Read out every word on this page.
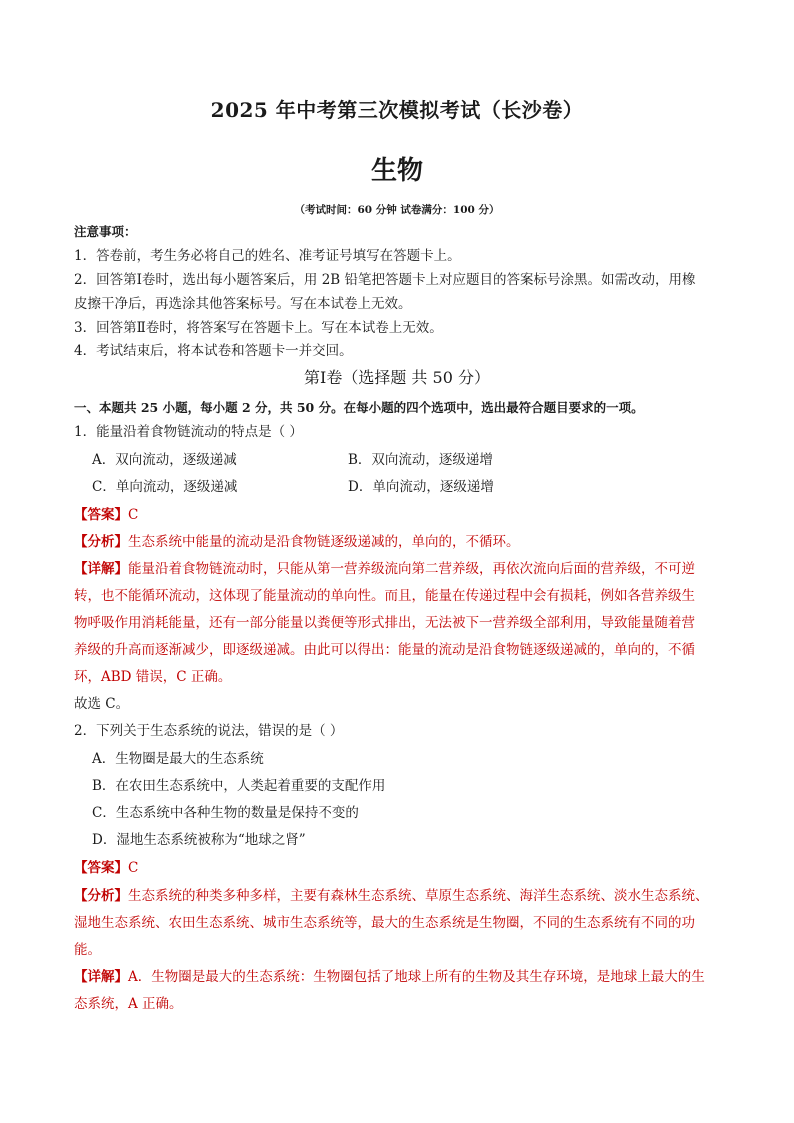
2025 年中考第三次模拟考试（长沙卷）
生物
（考试时间：60 分钟 试卷满分：100 分）
注意事项：
1．答卷前，考生务必将自己的姓名、准考证号填写在答题卡上。
2．回答第Ⅰ卷时，选出每小题答案后，用 2B 铅笔把答题卡上对应题目的答案标号涂黑。如需改动，用橡
皮擦干净后，再选涂其他答案标号。写在本试卷上无效。
3．回答第Ⅱ卷时，将答案写在答题卡上。写在本试卷上无效。
4．考试结束后，将本试卷和答题卡一并交回。
第Ⅰ卷（选择题 共 50 分）
一、本题共 25 小题，每小题 2 分，共 50 分。在每小题的四个选项中，选出最符合题目要求的一项。
1．能量沿着食物链流动的特点是（ ）
A．双向流动，逐级递减	B．双向流动，逐级递增
C．单向流动，逐级递减	D．单向流动，逐级递增
【答案】C
【分析】生态系统中能量的流动是沿食物链逐级递减的，单向的，不循环。
【详解】能量沿着食物链流动时，只能从第一营养级流向第二营养级，再依次流向后面的营养级，不可逆
转，也不能循环流动，这体现了能量流动的单向性。而且，能量在传递过程中会有损耗，例如各营养级生
物呼吸作用消耗能量，还有一部分能量以粪便等形式排出，无法被下一营养级全部利用，导致能量随着营
养级的升高而逐渐减少，即逐级递减。由此可以得出：能量的流动是沿食物链逐级递减的，单向的，不循
环，ABD 错误，C 正确。
故选 C。
2．下列关于生态系统的说法，错误的是（ ）
A．生物圈是最大的生态系统
B．在农田生态系统中，人类起着重要的支配作用
C．生态系统中各种生物的数量是保持不变的
D．湿地生态系统被称为“地球之肾”
【答案】C
【分析】生态系统的种类多种多样，主要有森林生态系统、草原生态系统、海洋生态系统、淡水生态系统、
湿地生态系统、农田生态系统、城市生态系统等，最大的生态系统是生物圈，不同的生态系统有不同的功
能。
【详解】A．生物圈是最大的生态系统：生物圈包括了地球上所有的生物及其生存环境，是地球上最大的生
态系统，A 正确。
